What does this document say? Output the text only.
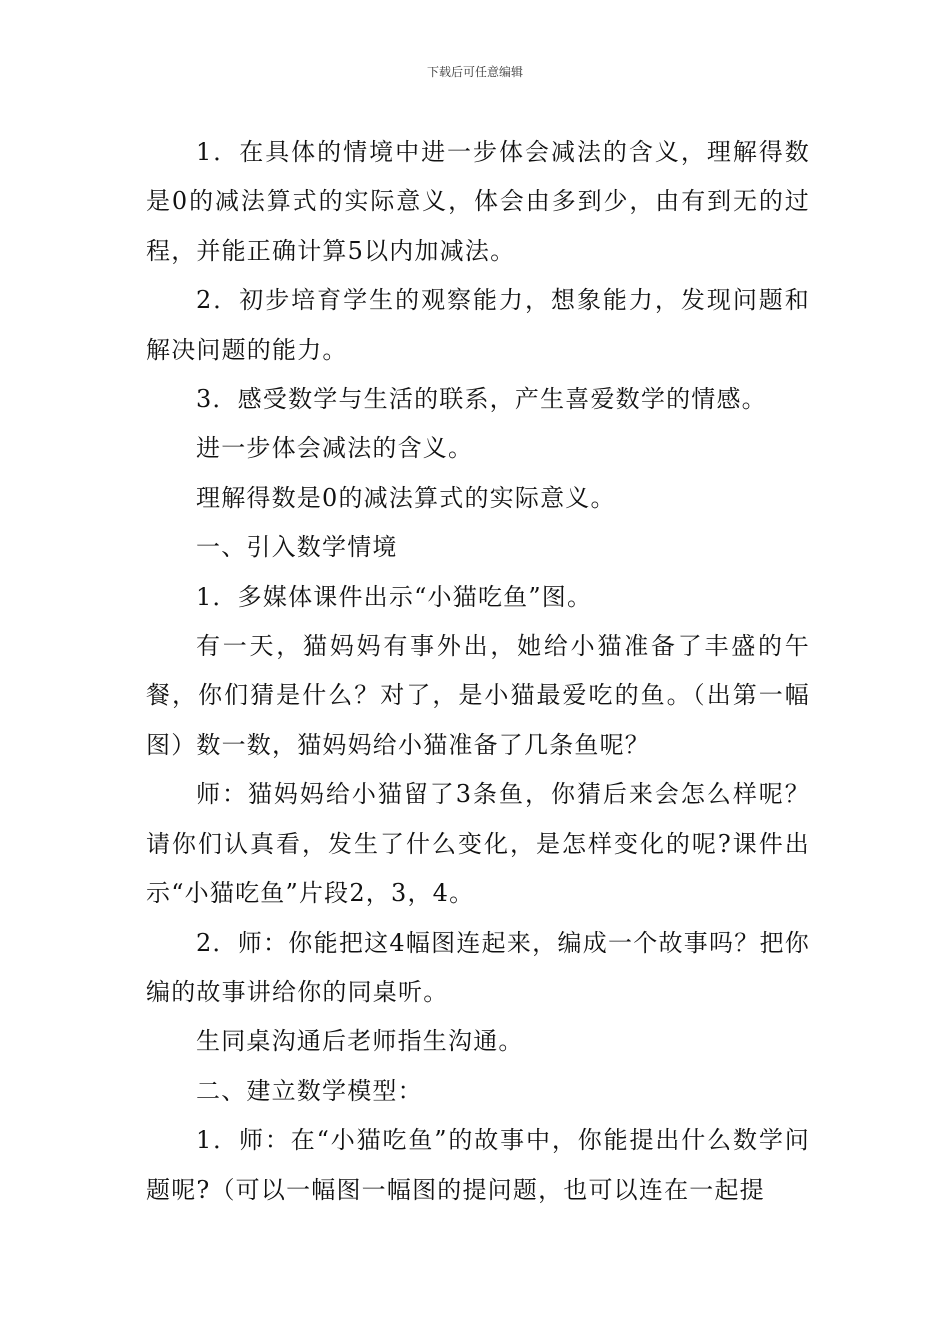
下载后可任意编辑

1．在具体的情境中进一步体会减法的含义，理解得数是0的减法算式的实际意义，体会由多到少，由有到无的过程，并能正确计算5以内加减法。

2．初步培育学生的观察能力，想象能力，发现问题和解决问题的能力。

3．感受数学与生活的联系，产生喜爱数学的情感。

进一步体会减法的含义。

理解得数是0的减法算式的实际意义。

一、引入数学情境

1．多媒体课件出示“小猫吃鱼”图。

有一天，猫妈妈有事外出，她给小猫准备了丰盛的午餐，你们猜是什么？对了，是小猫最爱吃的鱼。（出第一幅图）数一数，猫妈妈给小猫准备了几条鱼呢？

师：猫妈妈给小猫留了3条鱼，你猜后来会怎么样呢？请你们认真看，发生了什么变化，是怎样变化的呢?课件出示“小猫吃鱼”片段2，3，4。

2．师：你能把这4幅图连起来，编成一个故事吗？把你编的故事讲给你的同桌听。

生同桌沟通后老师指生沟通。

二、建立数学模型：

1．师：在“小猫吃鱼”的故事中，你能提出什么数学问题呢?（可以一幅图一幅图的提问题，也可以连在一起提
